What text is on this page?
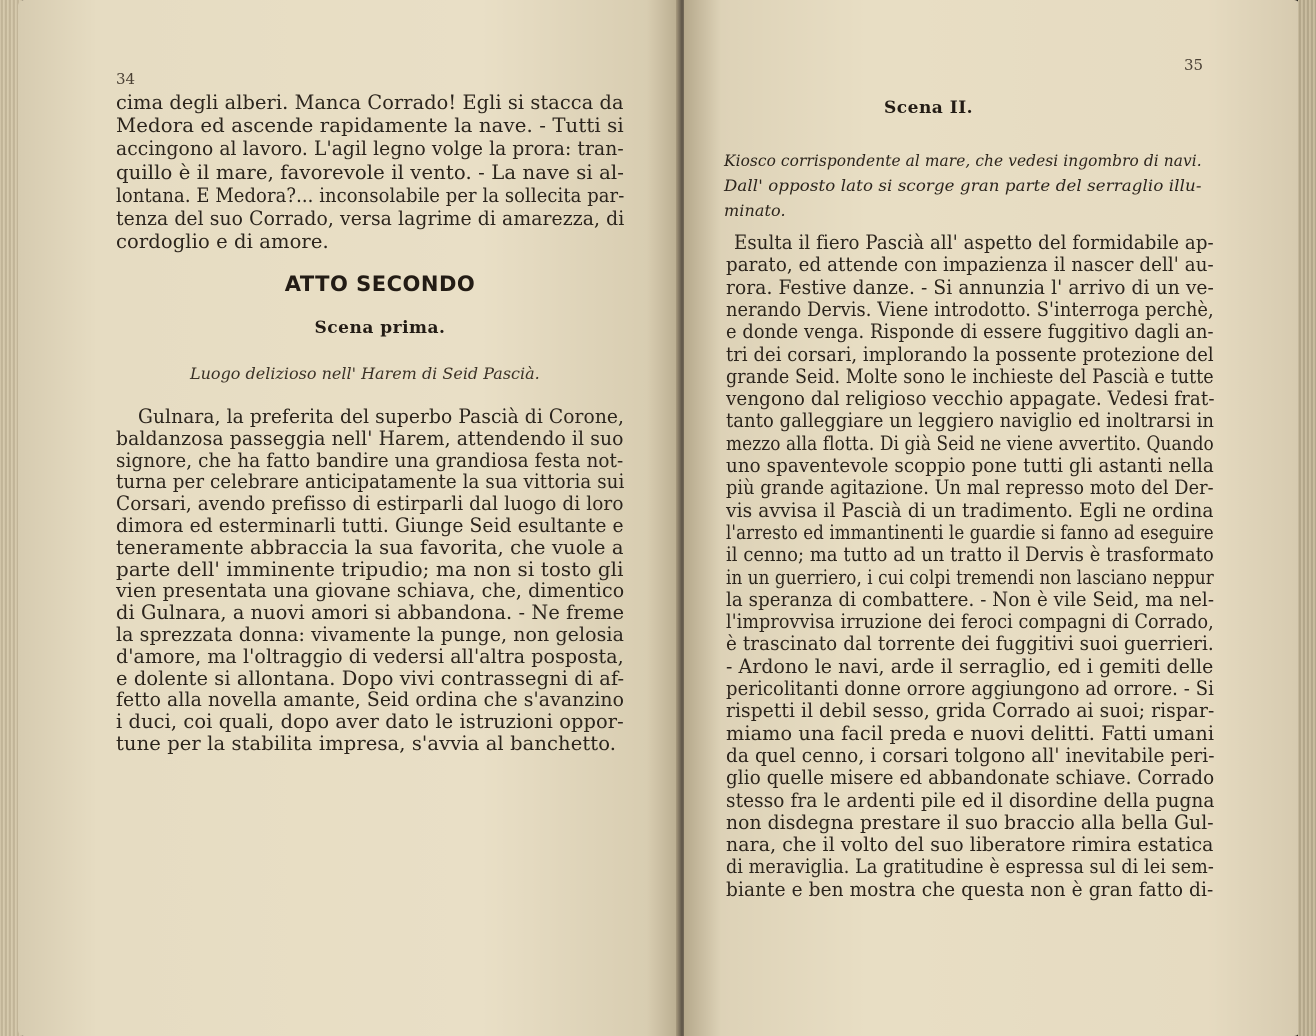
34
cima degli alberi. Manca Corrado! Egli si stacca da
Medora ed ascende rapidamente la nave. - Tutti si
accingono al lavoro. L'agil legno volge la prora: tran-
quillo è il mare, favorevole il vento. - La nave si al-
lontana. E Medora?... inconsolabile per la sollecita par-
tenza del suo Corrado, versa lagrime di amarezza, di
cordoglio e di amore.
ATTO SECONDO
Scena prima.
Luogo delizioso nell' Harem di Seid Pascià.
Gulnara, la preferita del superbo Pascià di Corone,
baldanzosa passeggia nell' Harem, attendendo il suo
signore, che ha fatto bandire una grandiosa festa not-
turna per celebrare anticipatamente la sua vittoria sui
Corsari, avendo prefisso di estirparli dal luogo di loro
dimora ed esterminarli tutti. Giunge Seid esultante e
teneramente abbraccia la sua favorita, che vuole a
parte dell' imminente tripudio; ma non si tosto gli
vien presentata una giovane schiava, che, dimentico
di Gulnara, a nuovi amori si abbandona. - Ne freme
la sprezzata donna: vivamente la punge, non gelosia
d'amore, ma l'oltraggio di vedersi all'altra posposta,
e dolente si allontana. Dopo vivi contrassegni di af-
fetto alla novella amante, Seid ordina che s'avanzino
i duci, coi quali, dopo aver dato le istruzioni oppor-
tune per la stabilita impresa, s'avvia al banchetto.
35
Scena II.
Kiosco corrispondente al mare, che vedesi ingombro di navi.
Dall' opposto lato si scorge gran parte del serraglio illu-
minato.
Esulta il fiero Pascià all' aspetto del formidabile ap-
parato, ed attende con impazienza il nascer dell' au-
rora. Festive danze. - Si annunzia l' arrivo di un ve-
nerando Dervis. Viene introdotto. S'interroga perchè,
e donde venga. Risponde di essere fuggitivo dagli an-
tri dei corsari, implorando la possente protezione del
grande Seid. Molte sono le inchieste del Pascià e tutte
vengono dal religioso vecchio appagate. Vedesi frat-
tanto galleggiare un leggiero naviglio ed inoltrarsi in
mezzo alla flotta. Di già Seid ne viene avvertito. Quando
uno spaventevole scoppio pone tutti gli astanti nella
più grande agitazione. Un mal represso moto del Der-
vis avvisa il Pascià di un tradimento. Egli ne ordina
l'arresto ed immantinenti le guardie si fanno ad eseguire
il cenno; ma tutto ad un tratto il Dervis è trasformato
in un guerriero, i cui colpi tremendi non lasciano neppur
la speranza di combattere. - Non è vile Seid, ma nel-
l'improvvisa irruzione dei feroci compagni di Corrado,
è trascinato dal torrente dei fuggitivi suoi guerrieri.
- Ardono le navi, arde il serraglio, ed i gemiti delle
pericolitanti donne orrore aggiungono ad orrore. - Si
rispetti il debil sesso, grida Corrado ai suoi; rispar-
miamo una facil preda e nuovi delitti. Fatti umani
da quel cenno, i corsari tolgono all' inevitabile peri-
glio quelle misere ed abbandonate schiave. Corrado
stesso fra le ardenti pile ed il disordine della pugna
non disdegna prestare il suo braccio alla bella Gul-
nara, che il volto del suo liberatore rimira estatica
di meraviglia. La gratitudine è espressa sul di lei sem-
biante e ben mostra che questa non è gran fatto di-
